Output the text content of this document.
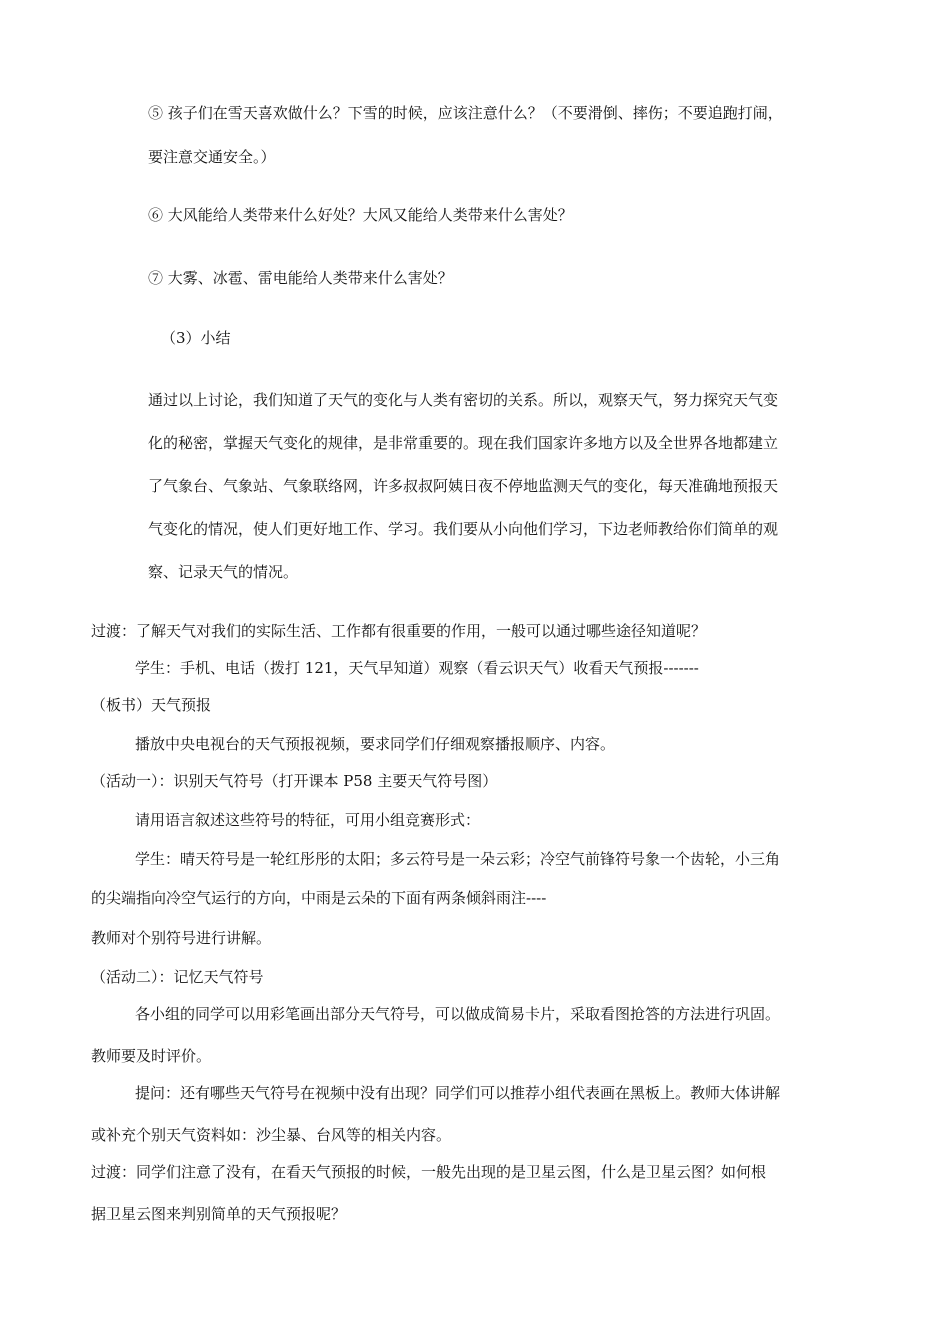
⑤ 孩子们在雪天喜欢做什么？下雪的时候，应该注意什么？（不要滑倒、摔伤；不要追跑打闹，
要注意交通安全。）
⑥ 大风能给人类带来什么好处？大风又能给人类带来什么害处？
⑦ 大雾、冰雹、雷电能给人类带来什么害处？
（3）小结
通过以上讨论，我们知道了天气的变化与人类有密切的关系。所以，观察天气，努力探究天气变
化的秘密，掌握天气变化的规律，是非常重要的。现在我们国家许多地方以及全世界各地都建立
了气象台、气象站、气象联络网，许多叔叔阿姨日夜不停地监测天气的变化，每天准确地预报天
气变化的情况，使人们更好地工作、学习。我们要从小向他们学习，下边老师教给你们简单的观
察、记录天气的情况。
过渡：了解天气对我们的实际生活、工作都有很重要的作用，一般可以通过哪些途径知道呢？
学生：手机、电话（拨打 121，天气早知道）观察（看云识天气）收看天气预报-------
（板书）天气预报
播放中央电视台的天气预报视频，要求同学们仔细观察播报顺序、内容。
（活动一）：识别天气符号（打开课本 P58 主要天气符号图）
请用语言叙述这些符号的特征，可用小组竞赛形式：
学生：晴天符号是一轮红彤彤的太阳；多云符号是一朵云彩；冷空气前锋符号象一个齿轮，小三角
的尖端指向冷空气运行的方向，中雨是云朵的下面有两条倾斜雨注----
教师对个别符号进行讲解。
（活动二）：记忆天气符号
各小组的同学可以用彩笔画出部分天气符号，可以做成简易卡片，采取看图抢答的方法进行巩固。
教师要及时评价。
提问：还有哪些天气符号在视频中没有出现？同学们可以推荐小组代表画在黑板上。教师大体讲解
或补充个别天气资料如：沙尘暴、台风等的相关内容。
过渡：同学们注意了没有，在看天气预报的时候，一般先出现的是卫星云图，什么是卫星云图？如何根
据卫星云图来判别简单的天气预报呢？
